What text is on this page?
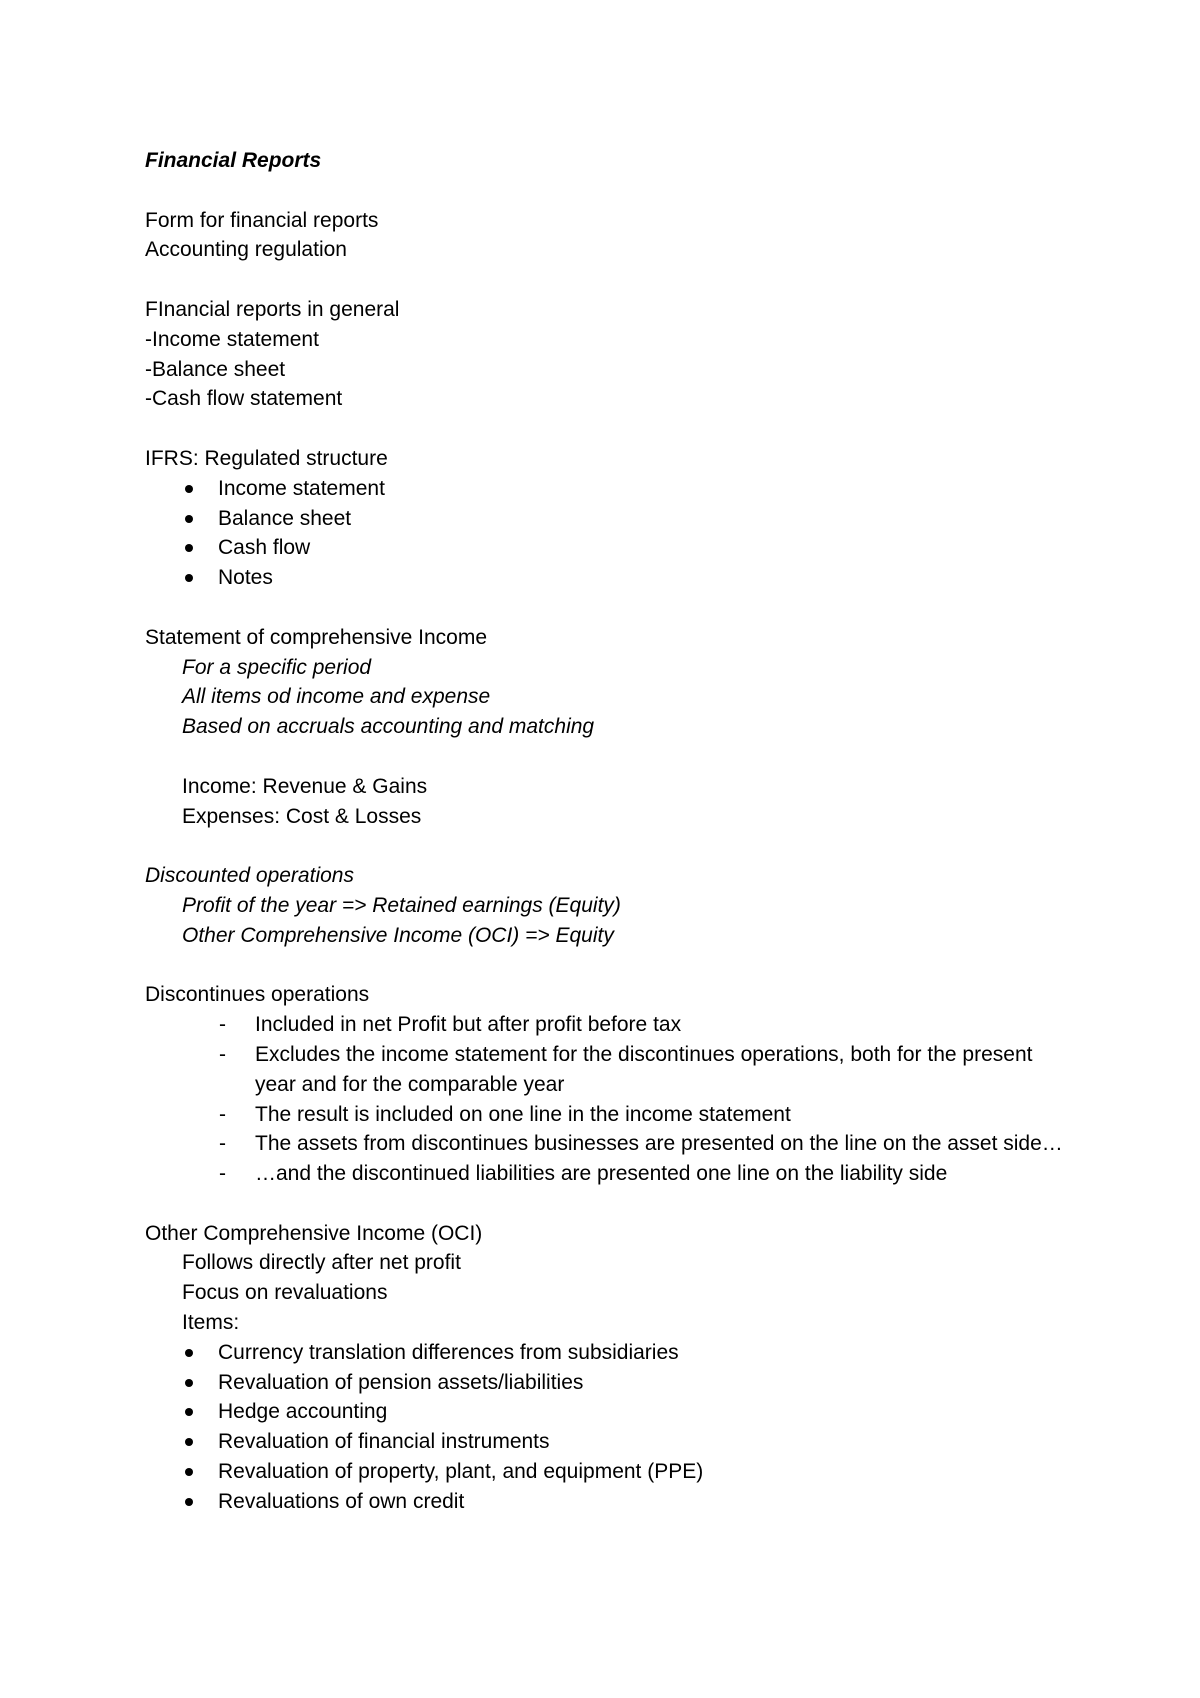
Financial Reports
Form for financial reports
Accounting regulation
FInancial reports in general
-Income statement
-Balance sheet
-Cash flow statement
IFRS: Regulated structure
Income statement
Balance sheet
Cash flow
Notes
Statement of comprehensive Income
For a specific period
All items od income and expense
Based on accruals accounting and matching
Income: Revenue & Gains
Expenses: Cost & Losses
Discounted operations
Profit of the year => Retained earnings (Equity)
Other Comprehensive Income (OCI) => Equity
Discontinues operations
- Included in net Profit but after profit before tax
- Excludes the income statement for the discontinues operations, both for the present year and for the comparable year
- The result is included on one line in the income statement
- The assets from discontinues businesses are presented on the line on the asset side…
- …and the discontinued liabilities are presented one line on the liability side
Other Comprehensive Income (OCI)
Follows directly after net profit
Focus on revaluations
Items:
Currency translation differences from subsidiaries
Revaluation of pension assets/liabilities
Hedge accounting
Revaluation of financial instruments
Revaluation of property, plant, and equipment (PPE)
Revaluations of own credit
